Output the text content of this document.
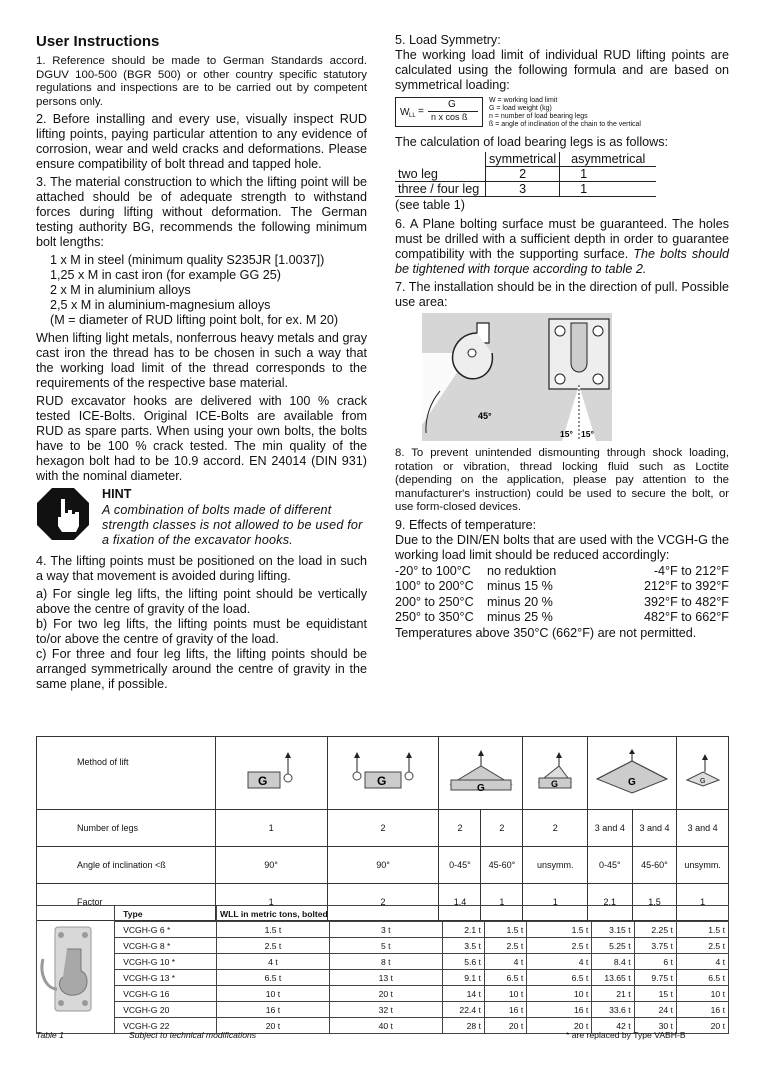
User Instructions

1. Reference should be made to German Standards accord. DGUV 100-500 (BGR 500) or other country specific statutory regulations and inspections are to be carried out by competent persons only.

2. Before installing and every use, visually inspect RUD lifting points, paying particular attention to any evidence of corrosion, wear and weld cracks and deformations. Please ensure compatibility of bolt thread and tapped hole.

3. The material construction to which the lifting point will be attached should be of adequate strength to withstand forces during lifting without deformation. The German testing authority BG, recommends the following minimum bolt lengths:

1 x M in steel (minimum quality S235JR [1.0037])
1,25 x M in cast iron (for example GG 25)
2 x M in aluminium alloys
2,5 x M in aluminium-magnesium alloys
(M = diameter of RUD lifting point bolt, for ex. M 20)

When lifting light metals, nonferrous heavy metals and gray cast iron the thread has to be chosen in such a way that the working load limit of the thread corresponds to the requirements of the respective base material.

RUD excavator hooks are delivered with 100 % crack tested ICE-Bolts. Original ICE-Bolts are available from RUD as spare parts. When using your own bolts, the bolts have to be 100 % crack tested. The min quality of the hexagon bolt had to be 10.9 accord. EN 24014 (DIN 931) with the nominal diameter.

HINT
A combination of bolts made of different strength classes is not allowed to be used for a fixation of the excavator hooks.

4. The lifting points must be positioned on the load in such a way that movement is avoided during lifting.

a) For single leg lifts, the lifting point should be vertically above the centre of gravity of the load.

b) For two leg lifts, the lifting points must be equidistant to/or above the centre of gravity of the load.

c) For three and four leg lifts, the lifting points should be arranged symmetrically around the centre of gravity in the same plane, if possible.

5. Load Symmetry:

The working load limit of individual RUD lifting points are calculated using the following formula and are based on symmetrical loading:

W LL =
G
n x cos ß
W = working load limit
G = load weight (kg)
n = number of load bearing legs
ß = angle of inclination of the chain to the vertical

The calculation of load bearing legs is as follows:

	symmetrical	asymmetrical
two leg	2	1
three / four leg	3	1

(see table 1)

6. A Plane bolting surface must be guaranteed. The holes must be drilled with a sufficient depth in order to guarantee compatibility with the supporting surface. The bolts should be tightened with torque according to table 2.

7. The installation should be in the direction of pull. Possible use area:

45°
15° 15°

8. To prevent unintended dismounting through shock loading, rotation or vibration, thread locking fluid such as Loctite (depending on the application, please pay attention to the manufacturer's instruction) could be used to secure the bolt, or use form-closed devices.

9. Effects of temperature:

Due to the DIN/EN bolts that are used with the VCGH-G the working load limit should be reduced accordingly:

-20° to 100°C	no reduktion	-4°F to 212°F
100° to 200°C	minus 15 %	212°F to 392°F
200° to 250°C	minus 20 %	392°F to 482°F
250° to 350°C	minus 25 %	482°F to 662°F
Temperatures above 350°C (662°F) are not permitted.
Method of lift	G	G	G		G	G		G

Number of legs	1	2	2	2	2	3 and 4	3 and 4	3 and 4
Angle of inclination <ß	90°	90°	0-45°	45-60°	unsymm.	0-45°	45-60°	unsymm.
Factor	1	2	1.4	1	1	2.1	1.5	1
	Type	WLL in metric tons, bolted							
	VCGH-G 6 *	1.5 t	3 t	2.1 t	1.5 t	1.5 t	3.15 t	2.25 t	1.5 t
	VCGH-G 8 *	2.5 t	5 t	3.5 t	2.5 t	2.5 t	5.25 t	3.75 t	2.5 t
	VCGH-G 10 *	4 t	8 t	5.6 t	4 t	4 t	8.4 t	6 t	4 t
	VCGH-G 13 *	6.5 t	13 t	9.1 t	6.5 t	6.5 t	13.65 t	9.75 t	6.5 t
	VCGH-G 16	10 t	20 t	14 t	10 t	10 t	21 t	15 t	10 t
	VCGH-G 20	16 t	32 t	22.4 t	16 t	16 t	33.6 t	24 t	16 t
	VCGH-G 22	20 t	40 t	28 t	20 t	20 t	42 t	30 t	20 t
Table 1	Subject to technical modifications	* are replaced by Type VABH-B
